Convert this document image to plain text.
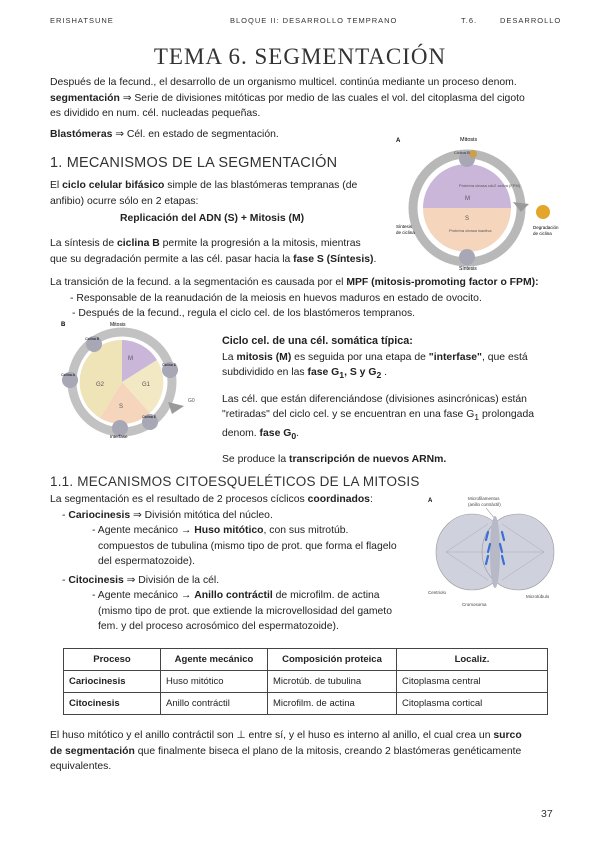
ERISHATSUNE	BLOQUE II: DESARROLLO TEMPRANO	T.6.	DESARROLLO
TEMA 6. SEGMENTACIÓN
Después de la fecund., el desarrollo de un organismo multicel. continúa mediante un proceso denom.
segmentación ⇒ Serie de divisiones mitóticas por medio de las cuales el vol. del citoplasma del cigoto
es dividido en num. cél. nucleadas pequeñas.
Blastómeras ⇒ Cél. en estado de segmentación.
1. MECANISMOS DE LA SEGMENTACIÓN
El ciclo celular bifásico simple de las blastómeras tempranas (de
anfibio) ocurre sólo en 2 etapas:
Replicación del ADN (S) + Mitosis (M)
La síntesis de ciclina B permite la progresión a la mitosis, mientras
que su degradación permite a las cél. pasar hacia la fase S (Síntesis).
La transición de la fecund. a la segmentación es causada por el MPF (mitosis-promoting factor o FPM):
- Responsable de la reanudación de la meiosis en huevos maduros en estado de ovocito.
- Después de la fecund., regula el ciclo cel. de los blastómeros tempranos.
A	Mitosis
Proteína cinasa cdc2 activa (FPM)
M
S
Proteína cinasa inactiva
Ciclina B
Síntesis
de ciclina
Degradación
de ciclina
Síntesis
B	Mitosis
M
G2	G1
S
G0
Ciclina B
Ciclina A
Ciclina D
Ciclina E
Interfase
Ciclo cel. de una cél. somática típica:
La mitosis (M) es seguida por una etapa de "interfase", que está
subdividido en las fase $G_1$, S y $G_2$ .
Las cél. que están diferenciándose (divisiones asincrónicas) están
"retiradas" del ciclo cel. y se encuentran en una fase $G_1$ prolongada
denom. fase $G_0$.
Se produce la transcripción de nuevos ARNm.
1.1. MECANISMOS CITOESQUELÉTICOS DE LA MITOSIS
La segmentación es el resultado de 2 procesos cíclicos coordinados:
- Cariocinesis ⇒ División mitótica del núcleo.
- Agente mecánico → Huso mitótico, con sus mitrotúb.
compuestos de tubulina (mismo tipo de prot. que forma el flagelo
del espermatozoide).
- Citocinesis ⇒ División de la cél.
- Agente mecánico → Anillo contráctil de microfilm. de actina
(mismo tipo de prot. que extiende la microvellosidad del gameto
fem. y del proceso acrosómico del espermatozoide).
A	Microfilamentos
(anillo contráctil)
Centriolo
Cromosoma
Microtúbulo
Proceso	Agente mecánico	Composición proteica	Localiz.
Cariocinesis	Huso mitótico	Microtúb. de tubulina	Citoplasma central
Citocinesis	Anillo contráctil	Microfilm. de actina	Citoplasma cortical
El huso mitótico y el anillo contráctil son ⊥ entre sí, y el huso es interno al anillo, el cual crea un surco
de segmentación que finalmente biseca el plano de la mitosis, creando 2 blastómeras genéticamente
equivalentes.
37
